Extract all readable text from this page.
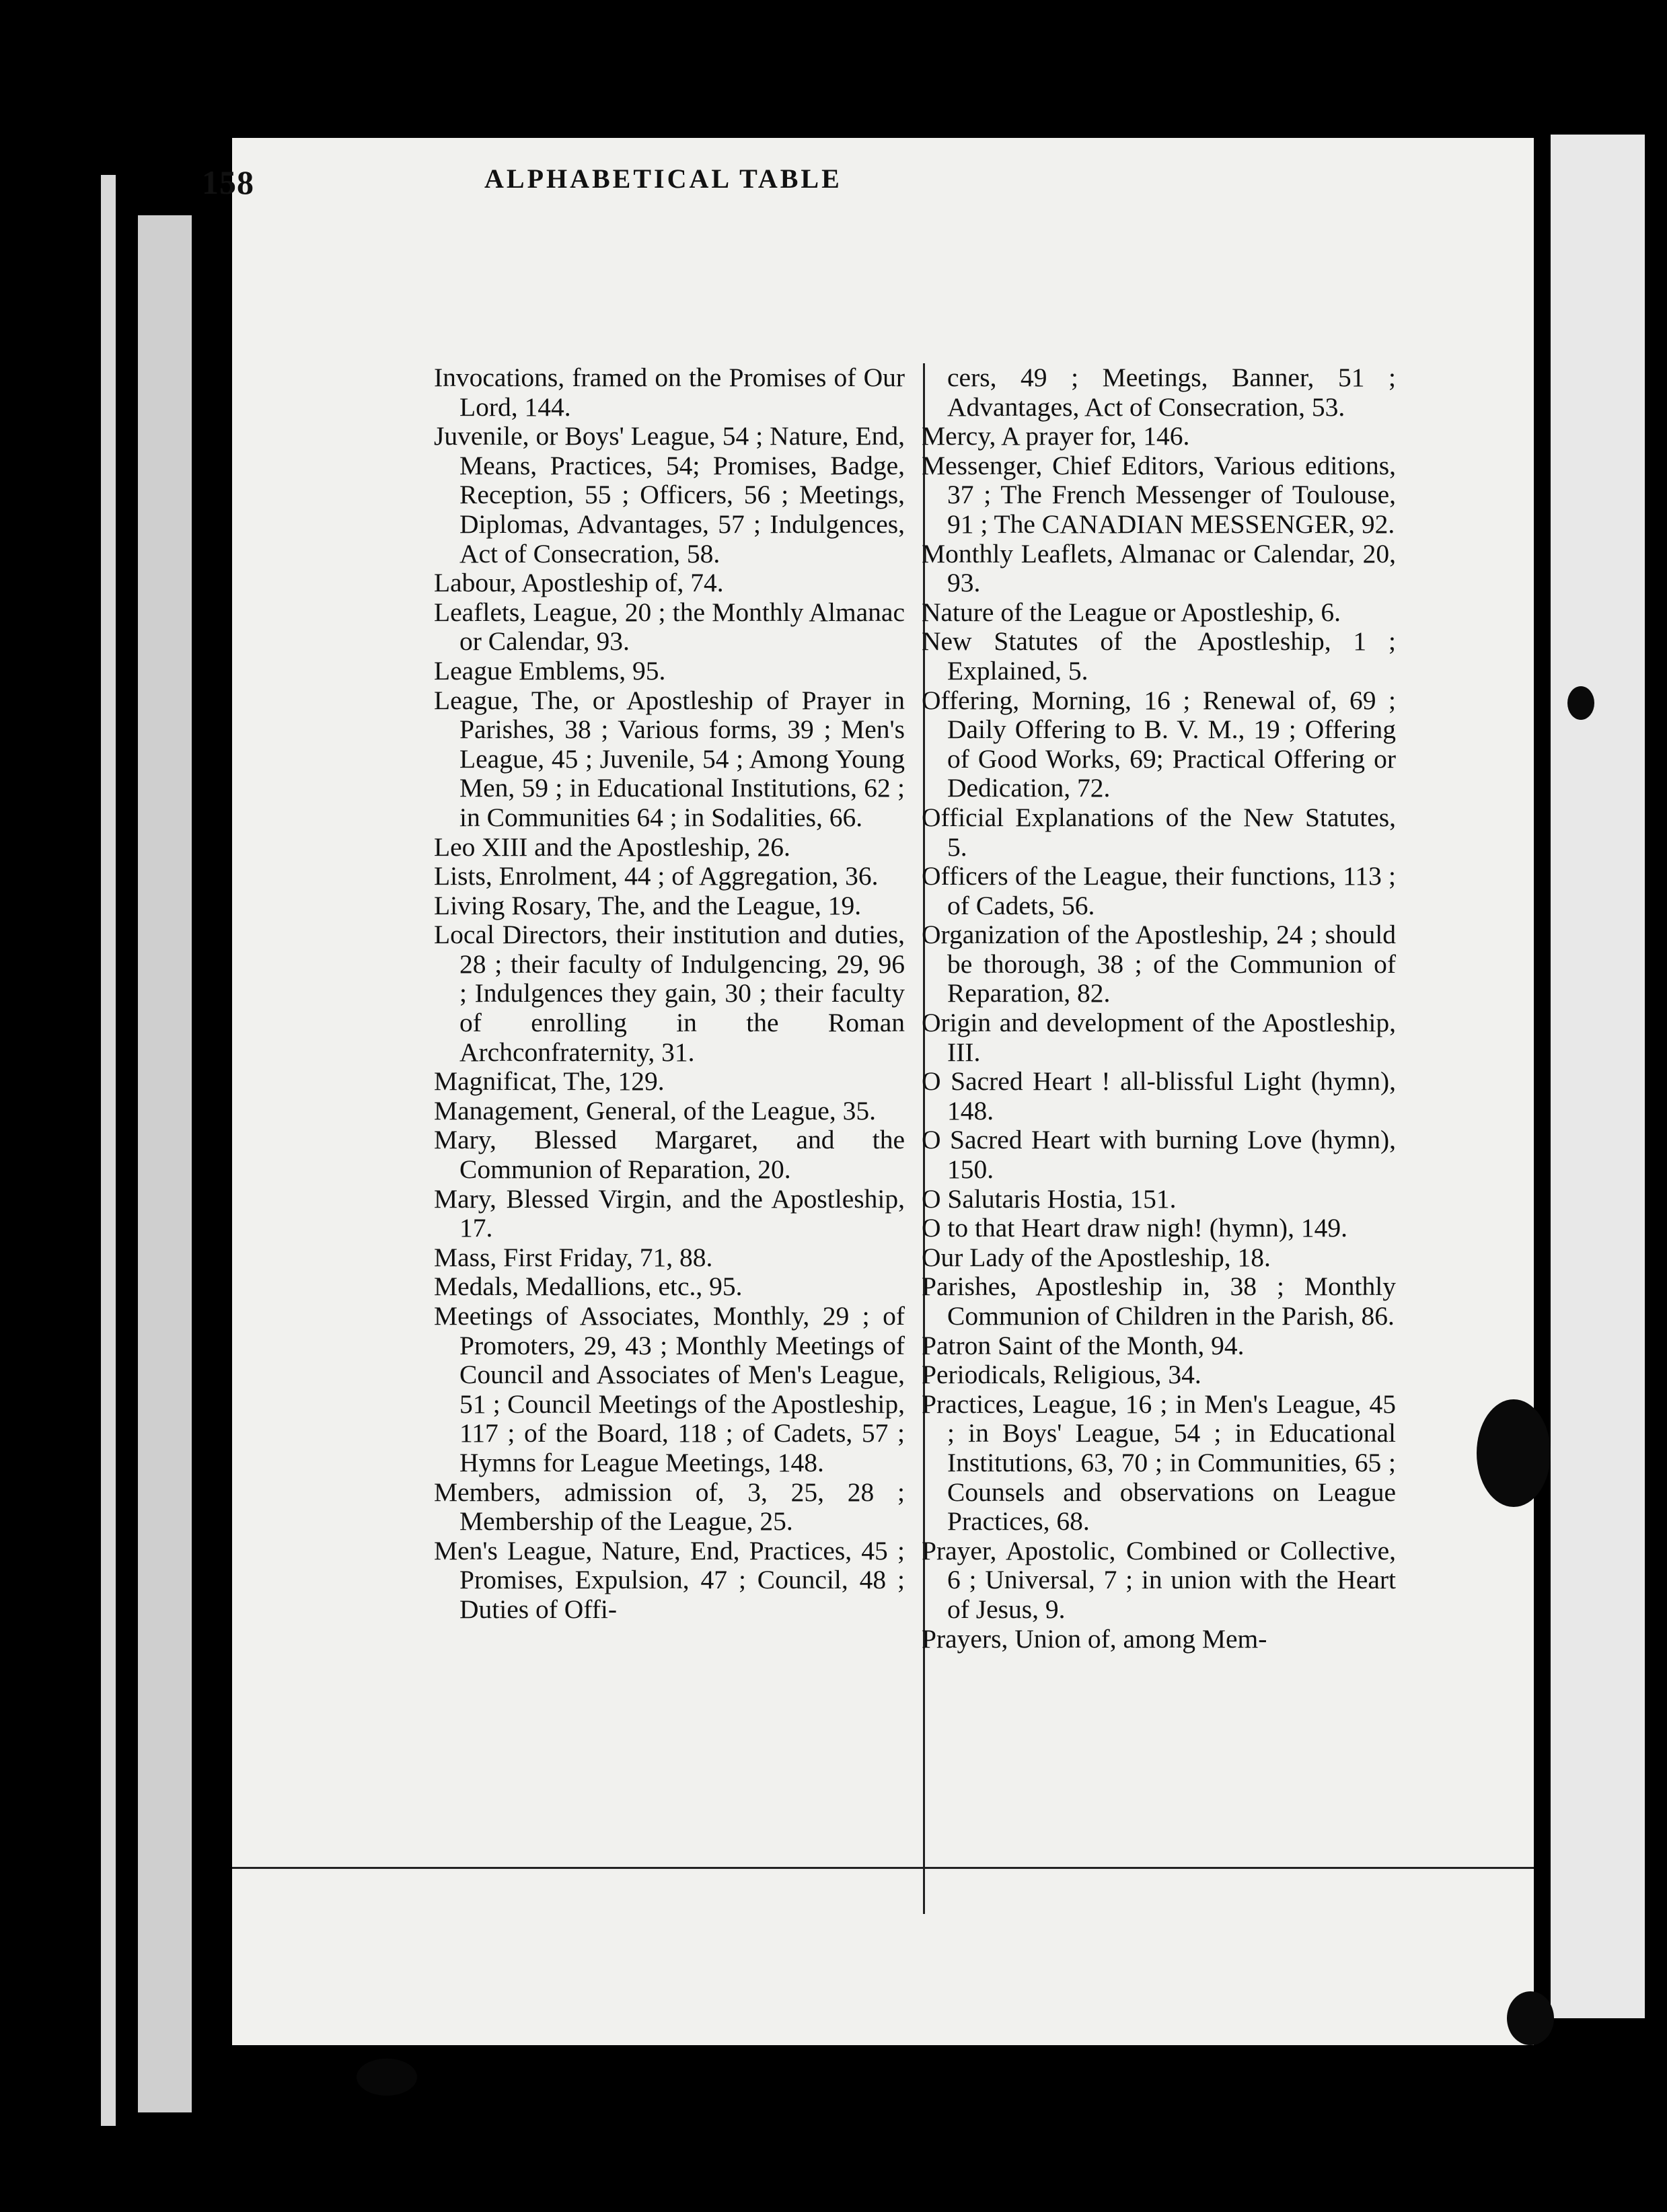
158	ALPHABETICAL TABLE

Invocations, framed on the Promises of Our Lord, 144.

Juvenile, or Boys' League, 54 ; Nature, End, Means, Practices, 54; Promises, Badge, Reception, 55 ; Officers, 56 ; Meetings, Diplomas, Advantages, 57 ; Indulgences, Act of Consecration, 58.

Labour, Apostleship of, 74.

Leaflets, League, 20 ; the Monthly Almanac or Calendar, 93.

League Emblems, 95.

League, The, or Apostleship of Prayer in Parishes, 38 ; Various forms, 39 ; Men's League, 45 ; Juvenile, 54 ; Among Young Men, 59 ; in Educational Institutions, 62 ; in Communities 64 ; in Sodalities, 66.

Leo XIII and the Apostleship, 26.

Lists, Enrolment, 44 ; of Aggregation, 36.

Living Rosary, The, and the League, 19.

Local Directors, their institution and duties, 28 ; their faculty of Indulgencing, 29, 96 ; Indulgences they gain, 30 ; their faculty of enrolling in the Roman Archconfraternity, 31.

Magnificat, The, 129.

Management, General, of the League, 35.

Mary, Blessed Margaret, and the Communion of Reparation, 20.

Mary, Blessed Virgin, and the Apostleship, 17.

Mass, First Friday, 71, 88.

Medals, Medallions, etc., 95.

Meetings of Associates, Monthly, 29 ; of Promoters, 29, 43 ; Monthly Meetings of Council and Associates of Men's League, 51 ; Council Meetings of the Apostleship, 117 ; of the Board, 118 ; of Cadets, 57 ; Hymns for League Meetings, 148.

Members, admission of, 3, 25, 28 ; Membership of the League, 25.

Men's League, Nature, End, Practices, 45 ; Promises, Expulsion, 47 ; Council, 48 ; Duties of Offi-

cers, 49 ; Meetings, Banner, 51 ; Advantages, Act of Consecration, 53.

Mercy, A prayer for, 146.

Messenger, Chief Editors, Various editions, 37 ; The French Messenger of Toulouse, 91 ; The CANADIAN MESSENGER, 92.

Monthly Leaflets, Almanac or Calendar, 20, 93.

Nature of the League or Apostleship, 6.

New Statutes of the Apostleship, 1 ; Explained, 5.

Offering, Morning, 16 ; Renewal of, 69 ; Daily Offering to B. V. M., 19 ; Offering of Good Works, 69; Practical Offering or Dedication, 72.

Official Explanations of the New Statutes, 5.

Officers of the League, their functions, 113 ; of Cadets, 56.

Organization of the Apostleship, 24 ; should be thorough, 38 ; of the Communion of Reparation, 82.

Origin and development of the Apostleship, III.

O Sacred Heart ! all-blissful Light (hymn), 148.

O Sacred Heart with burning Love (hymn), 150.

O Salutaris Hostia, 151.

O to that Heart draw nigh! (hymn), 149.

Our Lady of the Apostleship, 18.

Parishes, Apostleship in, 38 ; Monthly Communion of Children in the Parish, 86.

Patron Saint of the Month, 94.

Periodicals, Religious, 34.

Practices, League, 16 ; in Men's League, 45 ; in Boys' League, 54 ; in Educational Institutions, 63, 70 ; in Communities, 65 ; Counsels and observations on League Practices, 68.

Prayer, Apostolic, Combined or Collective, 6 ; Universal, 7 ; in union with the Heart of Jesus, 9.

Prayers, Union of, among Mem-
